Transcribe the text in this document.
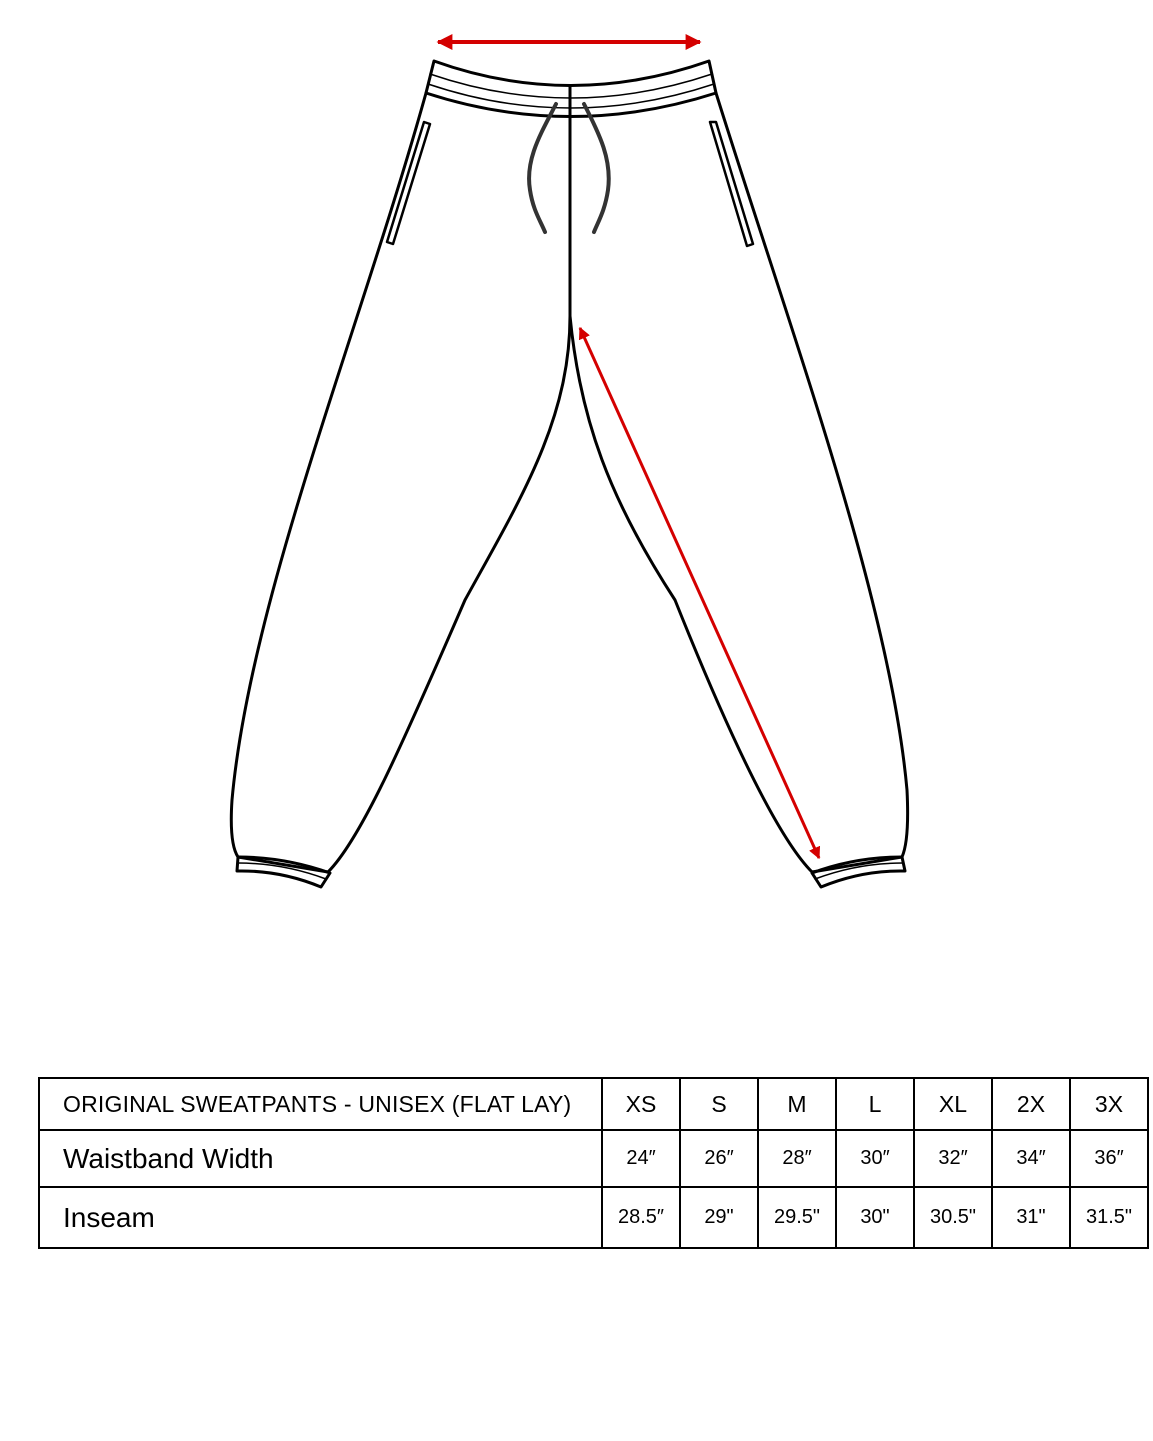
ORIGINAL SWEATPANTS - UNISEX (FLAT LAY)	XS	S	M	L	XL	2X	3X
Waistband Width	24″	26″	28″	30″	32″	34″	36″
Inseam	28.5″	29"	29.5"	30"	30.5"	31"	31.5"
